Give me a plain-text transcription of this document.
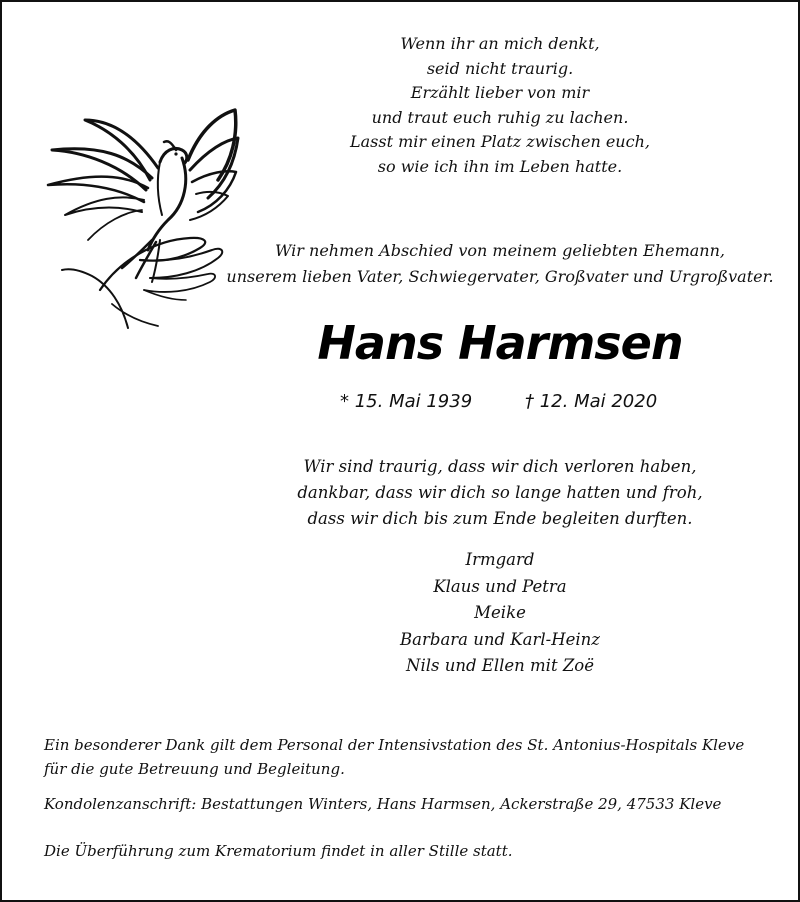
Wenn ihr an mich denkt,
seid nicht traurig.
Erzählt lieber von mir
und traut euch ruhig zu lachen.
Lasst mir einen Platz zwischen euch,
so wie ich ihn im Leben hatte.
Wir nehmen Abschied von meinem geliebten Ehemann,
unserem lieben Vater, Schwiegervater, Großvater und Urgroßvater.
Hans Harmsen
* 15. Mai 1939	† 12. Mai 2020
Wir sind traurig, dass wir dich verloren haben,
dankbar, dass wir dich so lange hatten und froh,
dass wir dich bis zum Ende begleiten durften.
Irmgard
Klaus und Petra
Meike
Barbara und Karl-Heinz
Nils und Ellen mit Zoë
Ein besonderer Dank gilt dem Personal der Intensivstation des St. Antonius-Hospitals Kleve
für die gute Betreuung und Begleitung.
Kondolenzanschrift: Bestattungen Winters, Hans Harmsen, Ackerstraße 29, 47533 Kleve
Die Überführung zum Krematorium findet in aller Stille statt.
